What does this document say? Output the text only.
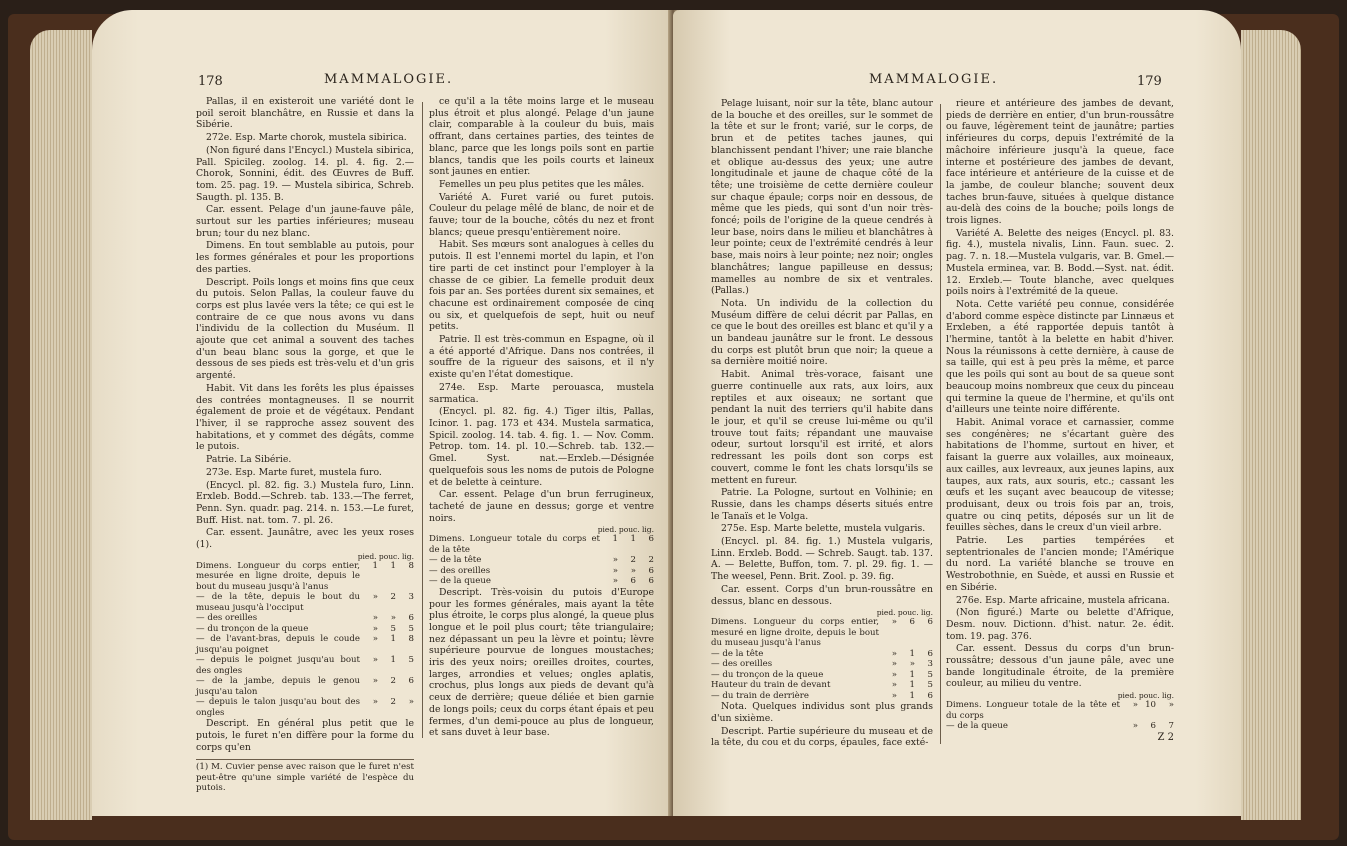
178	MAMMALOGIE.

Pallas, il en existeroit une variété dont le poil seroit blanchâtre, en Russie et dans la Sibérie.

272e. Esp. Marte chorok, mustela sibirica.

(Non figuré dans l'Encycl.) Mustela sibirica, Pall. Spicileg. zoolog. 14. pl. 4. fig. 2.—Chorok, Sonnini, édit. des Œuvres de Buff. tom. 25. pag. 19. — Mustela sibirica, Schreb. Saugth. pl. 135. B.

Car. essent. Pelage d'un jaune-fauve pâle, surtout sur les parties inférieures; museau brun; tour du nez blanc.

Dimens. En tout semblable au putois, pour les formes générales et pour les proportions des parties.

Descript. Poils longs et moins fins que ceux du putois. Selon Pallas, la couleur fauve du corps est plus lavée vers la tête; ce qui est le contraire de ce que nous avons vu dans l'individu de la collection du Muséum. Il ajoute que cet animal a souvent des taches d'un beau blanc sous la gorge, et que le dessous de ses pieds est très-velu et d'un gris argenté.

Habit. Vit dans les forêts les plus épaisses des contrées montagneuses. Il se nourrit également de proie et de végétaux. Pendant l'hiver, il se rapproche assez souvent des habitations, et y commet des dégâts, comme le putois.

Patrie. La Sibérie.

273e. Esp. Marte furet, mustela furo.

(Encycl. pl. 82. fig. 3.) Mustela furo, Linn. Erxleb. Bodd.—Schreb. tab. 133.—The ferret, Penn. Syn. quadr. pag. 214. n. 153.—Le furet, Buff. Hist. nat. tom. 7. pl. 26.

Car. essent. Jaunâtre, avec les yeux roses (1).

pied. pouc. lig.
Dimens. Longueur du corps entier, mesurée en ligne droite, depuis le bout du museau jusqu'à l'anus	1	1	8
— de la tête, depuis le bout du museau jusqu'à l'occiput	»	2	3
— des oreilles	»	»	6
— du tronçon de la queue	»	5	5
— de l'avant-bras, depuis le coude jusqu'au poignet	»	1	8
— depuis le poignet jusqu'au bout des ongles	»	1	5
— de la jambe, depuis le genou jusqu'au talon	»	2	6
— depuis le talon jusqu'au bout des ongles	»	2	»

Descript. En général plus petit que le putois, le furet n'en diffère pour la forme du corps qu'en

(1) M. Cuvier pense avec raison que le furet n'est peut-être qu'une simple variété de l'espèce du putois.

ce qu'il a la tête moins large et le museau plus étroit et plus alongé. Pelage d'un jaune clair, comparable à la couleur du buis, mais offrant, dans certaines parties, des teintes de blanc, parce que les longs poils sont en partie blancs, tandis que les poils courts et laineux sont jaunes en entier.

Femelles un peu plus petites que les mâles.

Variété A. Furet varié ou furet putois. Couleur du pelage mêlé de blanc, de noir et de fauve; tour de la bouche, côtés du nez et front blancs; queue presqu'entièrement noire.

Habit. Ses mœurs sont analogues à celles du putois. Il est l'ennemi mortel du lapin, et l'on tire parti de cet instinct pour l'employer à la chasse de ce gibier. La femelle produit deux fois par an. Ses portées durent six semaines, et chacune est ordinairement composée de cinq ou six, et quelquefois de sept, huit ou neuf petits.

Patrie. Il est très-commun en Espagne, où il a été apporté d'Afrique. Dans nos contrées, il souffre de la rigueur des saisons, et il n'y existe qu'en l'état domestique.

274e. Esp. Marte perouasca, mustela sarmatica.

(Encycl. pl. 82. fig. 4.) Tiger iltis, Pallas, Icinor. 1. pag. 173 et 434. Mustela sarmatica, Spicil. zoolog. 14. tab. 4. fig. 1. — Nov. Comm. Petrop. tom. 14. pl. 10.—Schreb. tab. 132.—Gmel. Syst. nat.—Erxleb.—Désignée quelquefois sous les noms de putois de Pologne et de belette à ceinture.

Car. essent. Pelage d'un brun ferrugineux, tacheté de jaune en dessus; gorge et ventre noirs.

pied. pouc. lig.
Dimens. Longueur totale du corps et de la tête	1	1	6
— de la tête	»	2	2
— des oreilles	»	»	6
— de la queue	»	6	6

Descript. Très-voisin du putois d'Europe pour les formes générales, mais ayant la tête plus étroite, le corps plus alongé, la queue plus longue et le poil plus court; tête triangulaire; nez dépassant un peu la lèvre et pointu; lèvre supérieure pourvue de longues moustaches; iris des yeux noirs; oreilles droites, courtes, larges, arrondies et velues; ongles aplatis, crochus, plus longs aux pieds de devant qu'à ceux de derrière; queue déliée et bien garnie de longs poils; ceux du corps étant épais et peu fermes, d'un demi-pouce au plus de longueur, et sans duvet à leur base.

MAMMALOGIE.	179

Pelage luisant, noir sur la tête, blanc autour de la bouche et des oreilles, sur le sommet de la tête et sur le front; varié, sur le corps, de brun et de petites taches jaunes, qui blanchissent pendant l'hiver; une raie blanche et oblique au-dessus des yeux; une autre longitudinale et jaune de chaque côté de la tête; une troisième de cette dernière couleur sur chaque épaule; corps noir en dessous, de même que les pieds, qui sont d'un noir très-foncé; poils de l'origine de la queue cendrés à leur base, noirs dans le milieu et blanchâtres à leur pointe; ceux de l'extrémité cendrés à leur base, mais noirs à leur pointe; nez noir; ongles blanchâtres; langue papilleuse en dessus; mamelles au nombre de six et ventrales. (Pallas.)

Nota. Un individu de la collection du Muséum diffère de celui décrit par Pallas, en ce que le bout des oreilles est blanc et qu'il y a un bandeau jaunâtre sur le front. Le dessous du corps est plutôt brun que noir; la queue a sa dernière moitié noire.

Habit. Animal très-vorace, faisant une guerre continuelle aux rats, aux loirs, aux reptiles et aux oiseaux; ne sortant que pendant la nuit des terriers qu'il habite dans le jour, et qu'il se creuse lui-même ou qu'il trouve tout faits; répandant une mauvaise odeur, surtout lorsqu'il est irrité, et alors redressant les poils dont son corps est couvert, comme le font les chats lorsqu'ils se mettent en fureur.

Patrie. La Pologne, surtout en Volhinie; en Russie, dans les champs déserts situés entre le Tanaïs et le Volga.

275e. Esp. Marte belette, mustela vulgaris.

(Encycl. pl. 84. fig. 1.) Mustela vulgaris, Linn. Erxleb. Bodd. — Schreb. Saugt. tab. 137. A. — Belette, Buffon, tom. 7. pl. 29. fig. 1. —The weesel, Penn. Brit. Zool. p. 39. fig.

Car. essent. Corps d'un brun-roussâtre en dessus, blanc en dessous.

pied. pouc. lig.
Dimens. Longueur du corps entier, mesuré en ligne droite, depuis le bout du museau jusqu'à l'anus	»	6	6
— de la tête	»	1	6
— des oreilles	»	»	3
— du tronçon de la queue	»	1	5
Hauteur du train de devant	»	1	5
— du train de derrière	»	1	6

Nota. Quelques individus sont plus grands d'un sixième.

Descript. Partie supérieure du museau et de la tête, du cou et du corps, épaules, face exté-

rieure et antérieure des jambes de devant, pieds de derrière en entier, d'un brun-roussâtre ou fauve, légèrement teint de jaunâtre; parties inférieures du corps, depuis l'extrémité de la mâchoire inférieure jusqu'à la queue, face interne et postérieure des jambes de devant, face intérieure et antérieure de la cuisse et de la jambe, de couleur blanche; souvent deux taches brun-fauve, situées à quelque distance au-delà des coins de la bouche; poils longs de trois lignes.

Variété A. Belette des neiges (Encycl. pl. 83. fig. 4.), mustela nivalis, Linn. Faun. suec. 2. pag. 7. n. 18.—Mustela vulgaris, var. B. Gmel.—Mustela erminea, var. B. Bodd.—Syst. nat. édit. 12. Erxleb.— Toute blanche, avec quelques poils noirs à l'extrémité de la queue.

Nota. Cette variété peu connue, considérée d'abord comme espèce distincte par Linnæus et Erxleben, a été rapportée depuis tantôt à l'hermine, tantôt à la belette en habit d'hiver. Nous la réunissons à cette dernière, à cause de sa taille, qui est à peu près la même, et parce que les poils qui sont au bout de sa queue sont beaucoup moins nombreux que ceux du pinceau qui termine la queue de l'hermine, et qu'ils ont d'ailleurs une teinte noire différente.

Habit. Animal vorace et carnassier, comme ses congénères; ne s'écartant guère des habitations de l'homme, surtout en hiver, et faisant la guerre aux volailles, aux moineaux, aux cailles, aux levreaux, aux jeunes lapins, aux taupes, aux rats, aux souris, etc.; cassant les œufs et les suçant avec beaucoup de vitesse; produisant, deux ou trois fois par an, trois, quatre ou cinq petits, déposés sur un lit de feuilles sèches, dans le creux d'un vieil arbre.

Patrie. Les parties tempérées et septentrionales de l'ancien monde; l'Amérique du nord. La variété blanche se trouve en Westrobothnie, en Suède, et aussi en Russie et en Sibérie.

276e. Esp. Marte africaine, mustela africana.

(Non figuré.) Marte ou belette d'Afrique, Desm. nouv. Dictionn. d'hist. natur. 2e. édit. tom. 19. pag. 376.

Car. essent. Dessus du corps d'un brun-roussâtre; dessous d'un jaune pâle, avec une bande longitudinale étroite, de la première couleur, au milieu du ventre.

pied. pouc. lig.
Dimens. Longueur totale de la tête et du corps	»	10	»
— de la queue	»	6	7
Z 2
